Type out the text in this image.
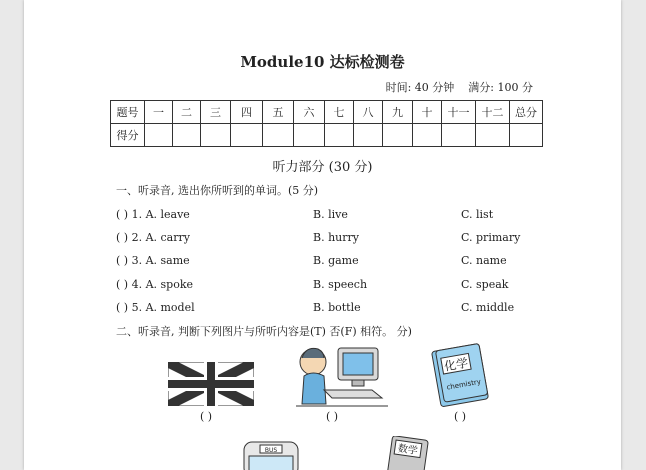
Module10 达标检测卷
时间: 40 分钟 满分: 100 分
题号	一	二	三	四	五	六	七	八	九	十	十一	十二	总分
得分													
听力部分 (30 分)
一、听录音, 选出你所听到的单词。(5 分)
( ) 1. A. leave	B. live	C. list
( ) 2. A. carry	B. hurry	C. primary
( ) 3. A. same	B. game	C. name
( ) 4. A. spoke	B. speech	C. speak
( ) 5. A. model	B. bottle	C. middle
二、听录音, 判断下列图片与所听内容是(T) 否(F) 相符。 分)
( )	( )
化学
chemistry
( )
BUS	数学
